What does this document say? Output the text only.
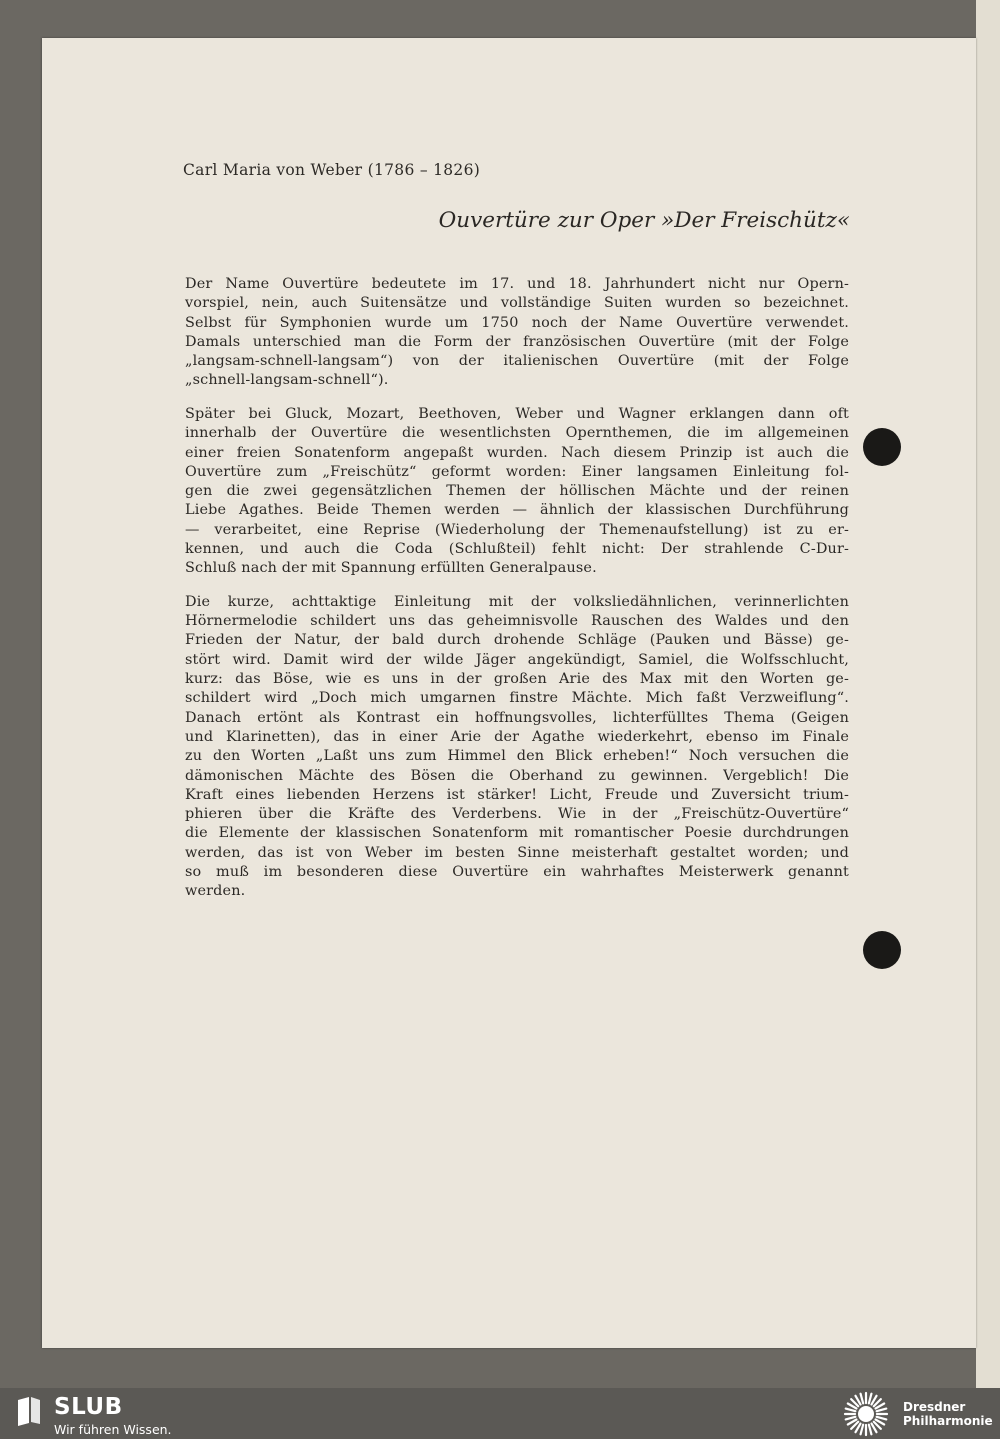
Carl Maria von Weber (1786 – 1826)
Ouvertüre zur Oper »Der Freischütz«
Der Name Ouvertüre bedeutete im 17. und 18. Jahrhundert nicht nur Opern-
vorspiel, nein, auch Suitensätze und vollständige Suiten wurden so bezeichnet.
Selbst für Symphonien wurde um 1750 noch der Name Ouvertüre verwendet.
Damals unterschied man die Form der französischen Ouvertüre (mit der Folge
„langsam-schnell-langsam“) von der italienischen Ouvertüre (mit der Folge
„schnell-langsam-schnell“).
Später bei Gluck, Mozart, Beethoven, Weber und Wagner erklangen dann oft
innerhalb der Ouvertüre die wesentlichsten Opernthemen, die im allgemeinen
einer freien Sonatenform angepaßt wurden. Nach diesem Prinzip ist auch die
Ouvertüre zum „Freischütz“ geformt worden: Einer langsamen Einleitung fol-
gen die zwei gegensätzlichen Themen der höllischen Mächte und der reinen
Liebe Agathes. Beide Themen werden — ähnlich der klassischen Durchführung
— verarbeitet, eine Reprise (Wiederholung der Themenaufstellung) ist zu er-
kennen, und auch die Coda (Schlußteil) fehlt nicht: Der strahlende C-Dur-
Schluß nach der mit Spannung erfüllten Generalpause.
Die kurze, achttaktige Einleitung mit der volksliedähnlichen, verinnerlichten
Hörnermelodie schildert uns das geheimnisvolle Rauschen des Waldes und den
Frieden der Natur, der bald durch drohende Schläge (Pauken und Bässe) ge-
stört wird. Damit wird der wilde Jäger angekündigt, Samiel, die Wolfsschlucht,
kurz: das Böse, wie es uns in der großen Arie des Max mit den Worten ge-
schildert wird „Doch mich umgarnen finstre Mächte. Mich faßt Verzweiflung“.
Danach ertönt als Kontrast ein hoffnungsvolles, lichterfülltes Thema (Geigen
und Klarinetten), das in einer Arie der Agathe wiederkehrt, ebenso im Finale
zu den Worten „Laßt uns zum Himmel den Blick erheben!“ Noch versuchen die
dämonischen Mächte des Bösen die Oberhand zu gewinnen. Vergeblich! Die
Kraft eines liebenden Herzens ist stärker! Licht, Freude und Zuversicht trium-
phieren über die Kräfte des Verderbens. Wie in der „Freischütz-Ouvertüre“
die Elemente der klassischen Sonatenform mit romantischer Poesie durchdrungen
werden, das ist von Weber im besten Sinne meisterhaft gestaltet worden; und
so muß im besonderen diese Ouvertüre ein wahrhaftes Meisterwerk genannt
werden.
SLUB
Wir führen Wissen.
Dresdner
Philharmonie
